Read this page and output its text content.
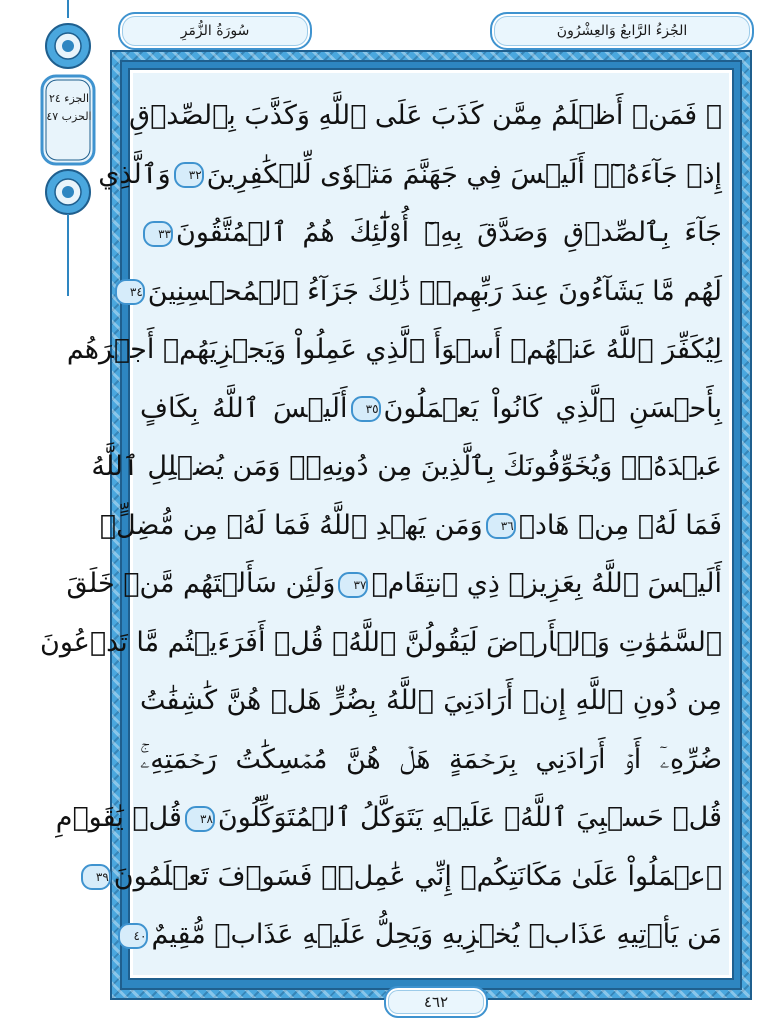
الجزء ٢٤
الحزب ٤٧
الجُزءُ الرَّابعُ وَالعِشْرُونَ
سُورَةُ الزُّمَرِ
۞ فَمَنۡ أَظۡلَمُ مِمَّن كَذَبَ عَلَى ٱللَّهِ وَكَذَّبَ بِٱلصِّدۡقِ
إِذۡ جَآءَهُۥٓۚ أَلَيۡسَ فِي جَهَنَّمَ مَثۡوٗى لِّلۡكَٰفِرِينَ٣٢وَٱلَّذِي
جَآءَ بِٱلصِّدۡقِ وَصَدَّقَ بِهِۦٓ أُوْلَٰٓئِكَ هُمُ ٱلۡمُتَّقُونَ٣٣
لَهُم مَّا يَشَآءُونَ عِندَ رَبِّهِمۡۚ ذَٰلِكَ جَزَآءُ ٱلۡمُحۡسِنِينَ٣٤
لِيُكَفِّرَ ٱللَّهُ عَنۡهُمۡ أَسۡوَأَ ٱلَّذِي عَمِلُواْ وَيَجۡزِيَهُمۡ أَجۡرَهُم
بِأَحۡسَنِ ٱلَّذِي كَانُواْ يَعۡمَلُونَ٣٥أَلَيۡسَ ٱللَّهُ بِكَافٍ
عَبۡدَهُۥۖ وَيُخَوِّفُونَكَ بِٱلَّذِينَ مِن دُونِهِۦۚ وَمَن يُضۡلِلِ ٱللَّهُ
فَمَا لَهُۥ مِنۡ هَادٖ٣٦وَمَن يَهۡدِ ٱللَّهُ فَمَا لَهُۥ مِن مُّضِلٍّۗ
أَلَيۡسَ ٱللَّهُ بِعَزِيزٖ ذِي ٱنتِقَامٖ٣٧وَلَئِن سَأَلۡتَهُم مَّنۡ خَلَقَ
ٱلسَّمَٰوَٰتِ وَٱلۡأَرۡضَ لَيَقُولُنَّ ٱللَّهُۚ قُلۡ أَفَرَءَيۡتُم مَّا تَدۡعُونَ
مِن دُونِ ٱللَّهِ إِنۡ أَرَادَنِيَ ٱللَّهُ بِضُرٍّ هَلۡ هُنَّ كَٰشِفَٰتُ
ضُرِّهِۦٓ أَوۡ أَرَادَنِي بِرَحۡمَةٍ هَلۡ هُنَّ مُمۡسِكَٰتُ رَحۡمَتِهِۦۚ
قُلۡ حَسۡبِيَ ٱللَّهُۖ عَلَيۡهِ يَتَوَكَّلُ ٱلۡمُتَوَكِّلُونَ٣٨قُلۡ يَٰقَوۡمِ
ٱعۡمَلُواْ عَلَىٰ مَكَانَتِكُمۡ إِنِّي عَٰمِلٞۖ فَسَوۡفَ تَعۡلَمُونَ٣٩
مَن يَأۡتِيهِ عَذَابٞ يُخۡزِيهِ وَيَحِلُّ عَلَيۡهِ عَذَابٞ مُّقِيمٌ٤٠
٤٦٢
